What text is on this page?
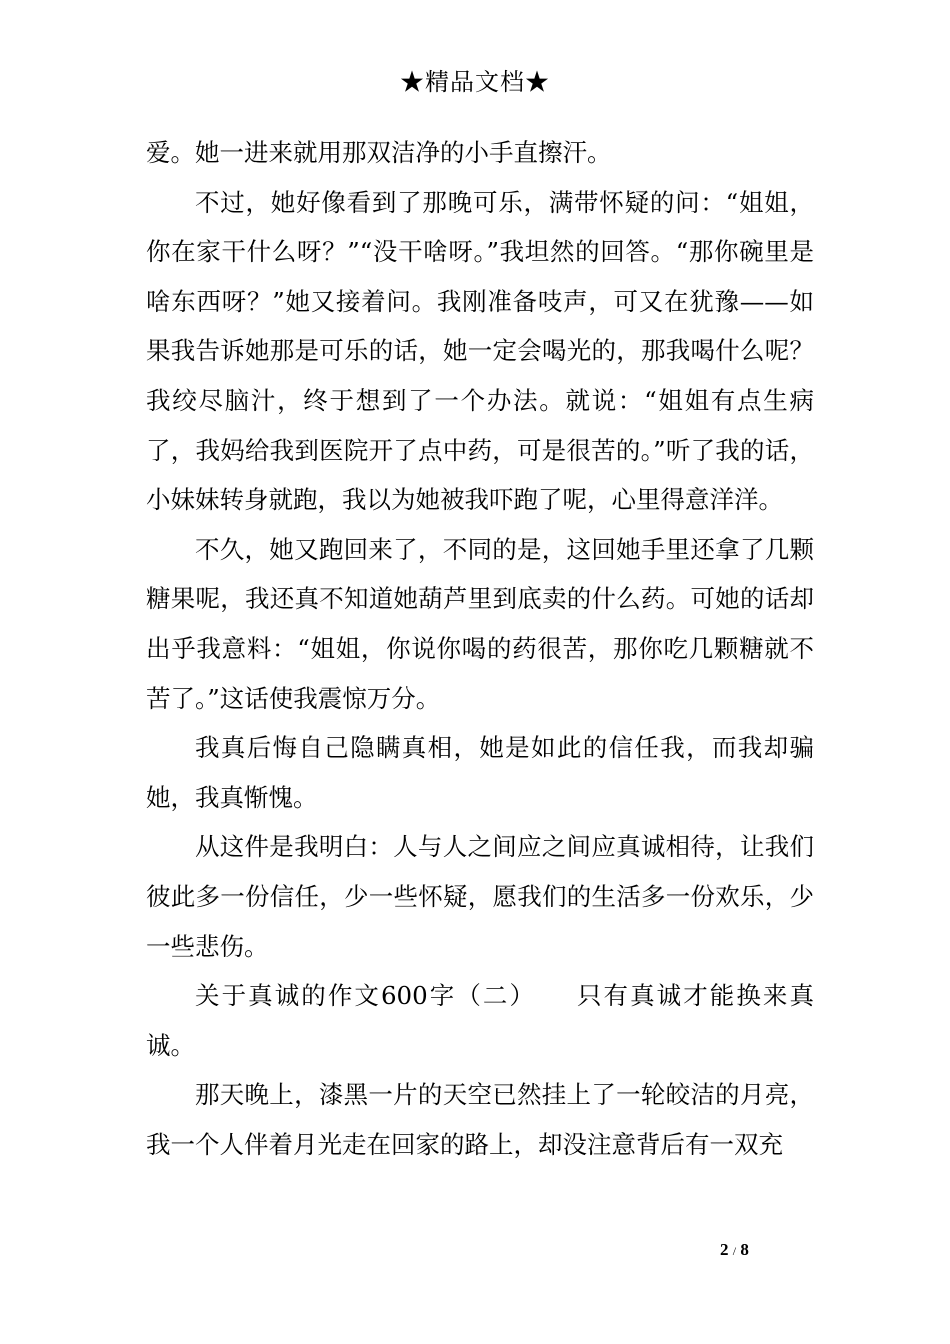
★精品文档★

爱。她一进来就用那双洁净的小手直擦汗。

不过，她好像看到了那晚可乐，满带怀疑的问：“姐姐，你在家干什么呀？”“没干啥呀。”我坦然的回答。“那你碗里是啥东西呀？”她又接着问。我刚准备吱声，可又在犹豫——如果我告诉她那是可乐的话，她一定会喝光的，那我喝什么呢？我绞尽脑汁，终于想到了一个办法。就说：“姐姐有点生病了，我妈给我到医院开了点中药，可是很苦的。”听了我的话，小妹妹转身就跑，我以为她被我吓跑了呢，心里得意洋洋。

不久，她又跑回来了，不同的是，这回她手里还拿了几颗糖果呢，我还真不知道她葫芦里到底卖的什么药。可她的话却出乎我意料：“姐姐，你说你喝的药很苦，那你吃几颗糖就不苦了。”这话使我震惊万分。

我真后悔自己隐瞒真相，她是如此的信任我，而我却骗她，我真惭愧。

从这件是我明白：人与人之间应之间应真诚相待，让我们彼此多一份信任，少一些怀疑，愿我们的生活多一份欢乐，少一些悲伤。

关于真诚的作文600字（二）　　只有真诚才能换来真诚。

那天晚上，漆黑一片的天空已然挂上了一轮皎洁的月亮，我一个人伴着月光走在回家的路上，却没注意背后有一双充

2 / 8
